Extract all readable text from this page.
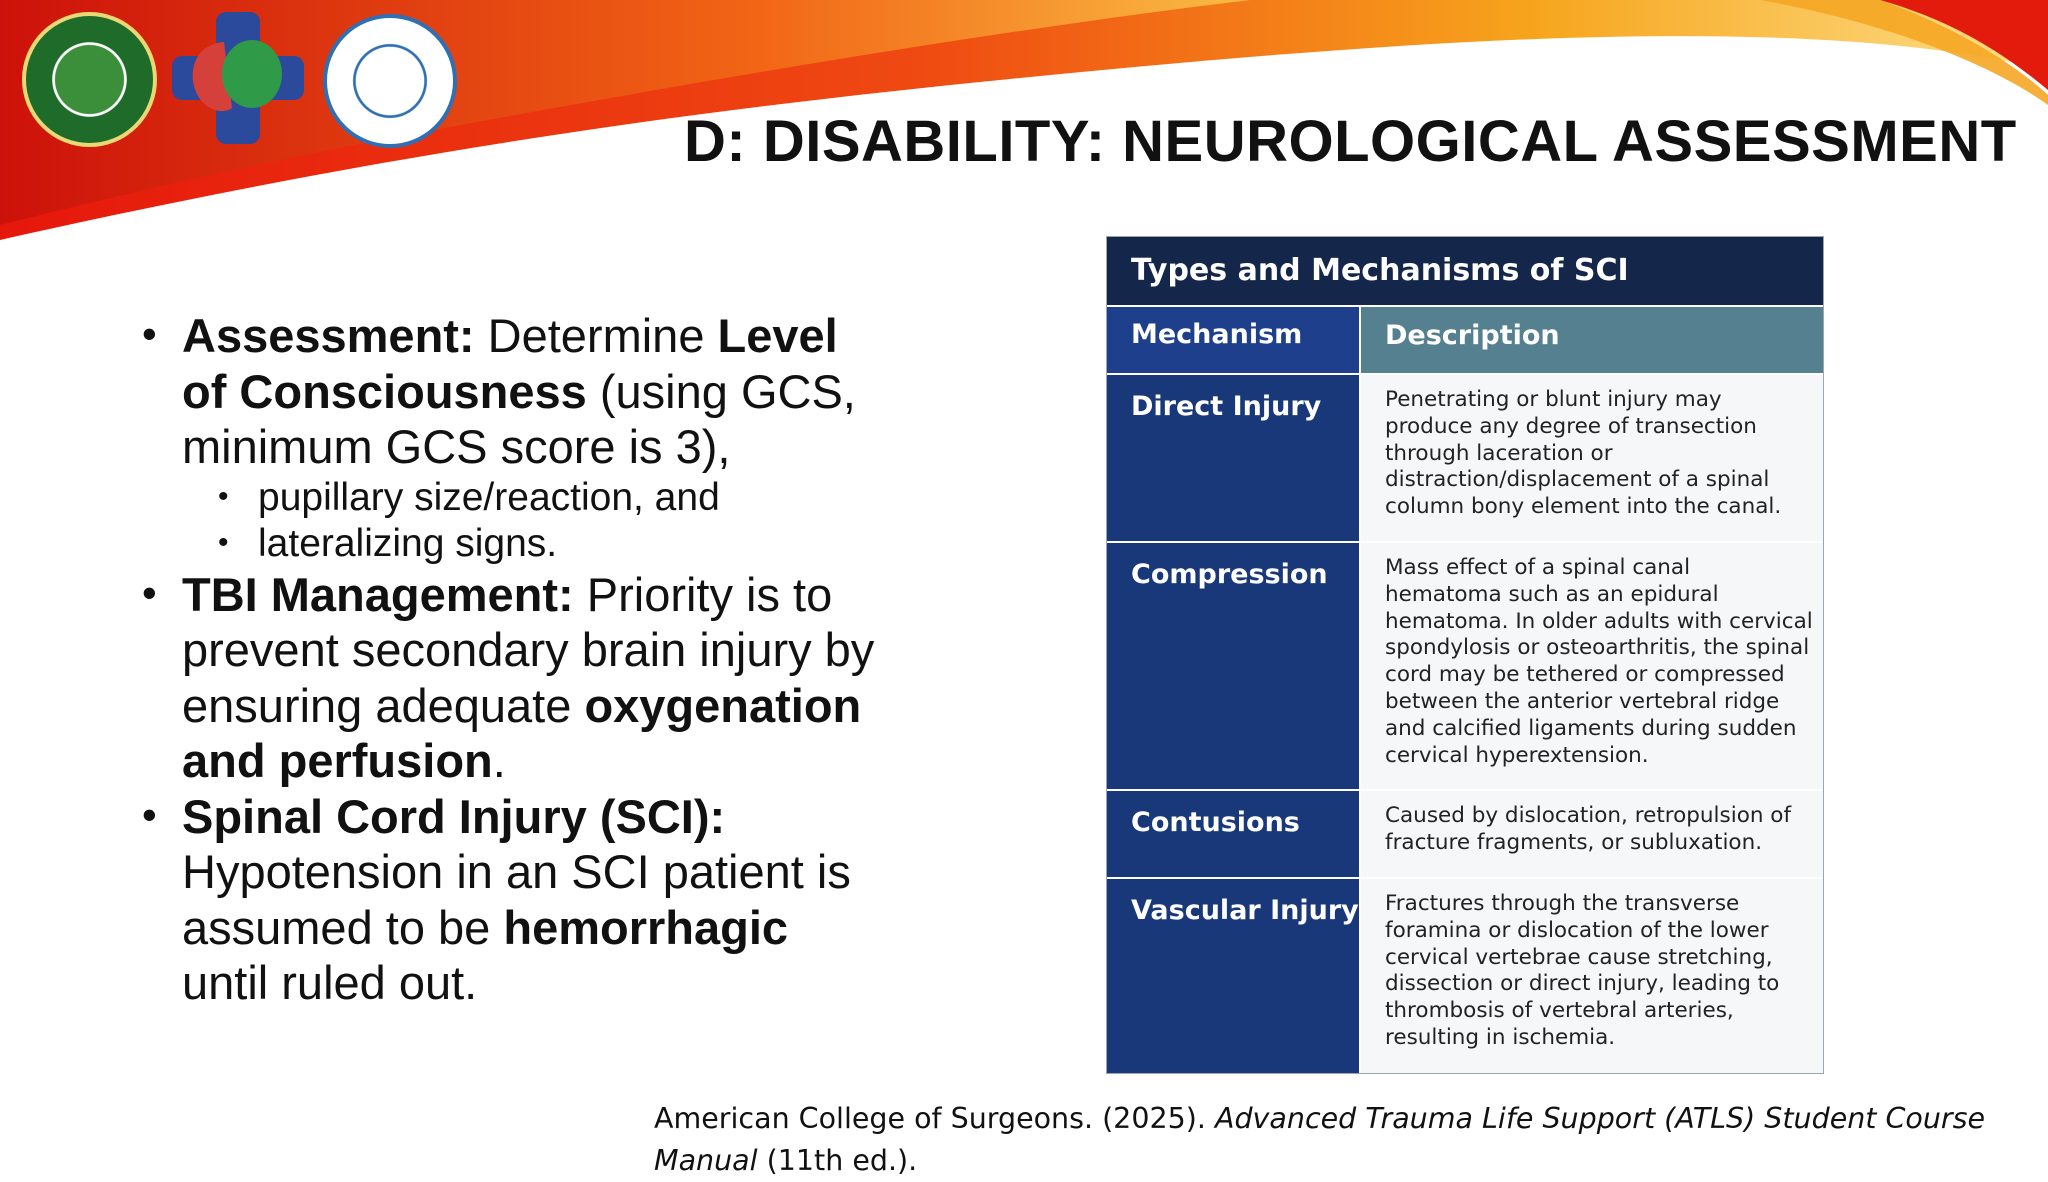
D: DISABILITY: NEUROLOGICAL ASSESSMENT
• Assessment: Determine Level of Consciousness (using GCS, minimum GCS score is 3),
• pupillary size/reaction, and
• lateralizing signs.
• TBI Management: Priority is to prevent secondary brain injury by ensuring adequate oxygenation and perfusion.
• Spinal Cord Injury (SCI): Hypotension in an SCI patient is assumed to be hemorrhagic until ruled out.
Types and Mechanisms of SCI
Mechanism	Description
Direct Injury	Penetrating or blunt injury may produce any degree of transection through laceration or distraction/displacement of a spinal column bony element into the canal.
Compression	Mass effect of a spinal canal hematoma such as an epidural hematoma. In older adults with cervical spondylosis or osteoarthritis, the spinal cord may be tethered or compressed between the anterior vertebral ridge and calcified ligaments during sudden cervical hyperextension.
Contusions	Caused by dislocation, retropulsion of fracture fragments, or subluxation.
Vascular Injury	Fractures through the transverse foramina or dislocation of the lower cervical vertebrae cause stretching, dissection or direct injury, leading to thrombosis of vertebral arteries, resulting in ischemia.
American College of Surgeons. (2025). Advanced Trauma Life Support (ATLS) Student Course
Manual (11th ed.).
